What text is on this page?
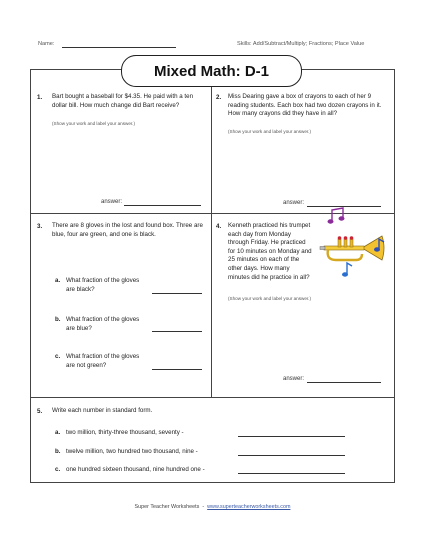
Name:	Skills: Add/Subtract/Multiply; Fractions; Place Value
Mixed Math: D-1
1. Bart bought a baseball for $4.35. He paid with a ten dollar bill. How much change did Bart receive?
(Show your work and label your answer.)
answer:
2. Miss Dearing gave a box of crayons to each of her 9 reading students. Each box had two dozen crayons in it. How many crayons did they have in all?
(Show your work and label your answer.)
answer:
3. There are 8 gloves in the lost and found box. Three are blue, four are green, and one is black.
a. What fraction of the gloves are black?
b. What fraction of the gloves are blue?
c. What fraction of the gloves are not green?
4. Kenneth practiced his trumpet each day from Monday through Friday. He practiced for 10 minutes on Monday and 25 minutes on each of the other days. How many minutes did he practice in all?
(Show your work and label your answer.)
answer:
5. Write each number in standard form.
a. two million, thirty-three thousand, seventy -
b. twelve million, two hundred two thousand, nine -
c. one hundred sixteen thousand, nine hundred one -
Super Teacher Worksheets - www.superteacherworksheets.com
